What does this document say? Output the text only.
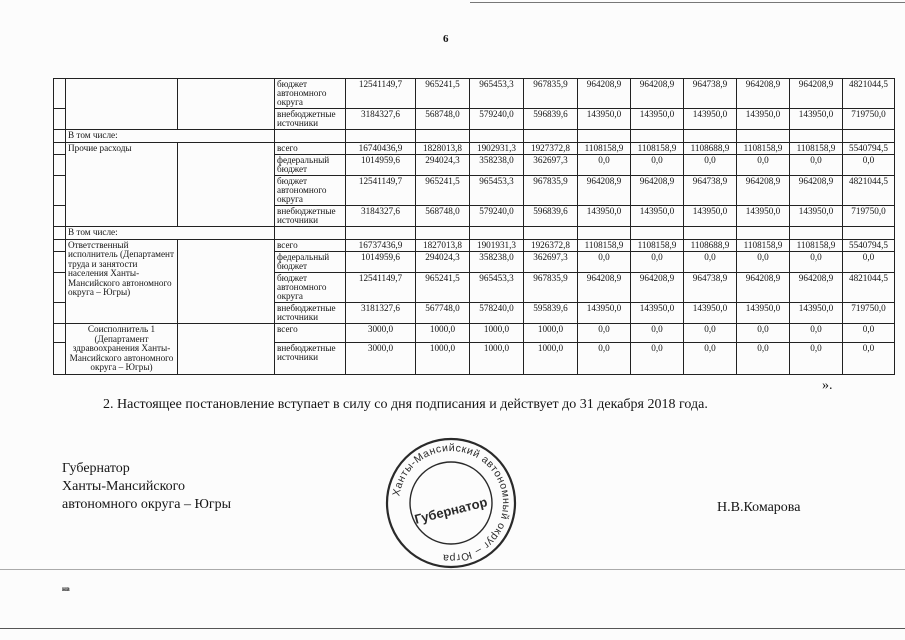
6
			бюджет автономного округа	12541149,7	965241,5	965453,3	967835,9	964208,9	964208,9	964738,9	964208,9	964208,9	4821044,5
			внебюджетные источники	3184327,6	568748,0	579240,0	596839,6	143950,0	143950,0	143950,0	143950,0	143950,0	719750,0
	В том числе:												
	Прочие расходы		всего	16740436,9	1828013,8	1902931,3	1927372,8	1108158,9	1108158,9	1108688,9	1108158,9	1108158,9	5540794,5
			федеральный бюджет	1014959,6	294024,3	358238,0	362697,3	0,0	0,0	0,0	0,0	0,0	0,0
			бюджет автономного округа	12541149,7	965241,5	965453,3	967835,9	964208,9	964208,9	964738,9	964208,9	964208,9	4821044,5
			внебюджетные источники	3184327,6	568748,0	579240,0	596839,6	143950,0	143950,0	143950,0	143950,0	143950,0	719750,0
	В том числе:												
	Ответственный исполнитель (Департамент труда и занятости населения Ханты-Мансийского автономного округа – Югры)		всего	16737436,9	1827013,8	1901931,3	1926372,8	1108158,9	1108158,9	1108688,9	1108158,9	1108158,9	5540794,5
			федеральный бюджет	1014959,6	294024,3	358238,0	362697,3	0,0	0,0	0,0	0,0	0,0	0,0
			бюджет автономного округа	12541149,7	965241,5	965453,3	967835,9	964208,9	964208,9	964738,9	964208,9	964208,9	4821044,5
			внебюджетные источники	3181327,6	567748,0	578240,0	595839,6	143950,0	143950,0	143950,0	143950,0	143950,0	719750,0
	Соисполнитель 1 (Департамент здравоохранения Ханты-Мансийского автономного округа – Югры)		всего	3000,0	1000,0	1000,0	1000,0	0,0	0,0	0,0	0,0	0,0	0,0
			внебюджетные источники	3000,0	1000,0	1000,0	1000,0	0,0	0,0	0,0	0,0	0,0	0,0
».
2. Настоящее постановление вступает в силу со дня подписания и действует до 31 декабря 2018 года.
Губернатор
Ханты-Мансийского
автономного округа – Югры	Н.В.Комарова
Ханты-Мансийский автономный округ – Югра
Губернатор
нв
